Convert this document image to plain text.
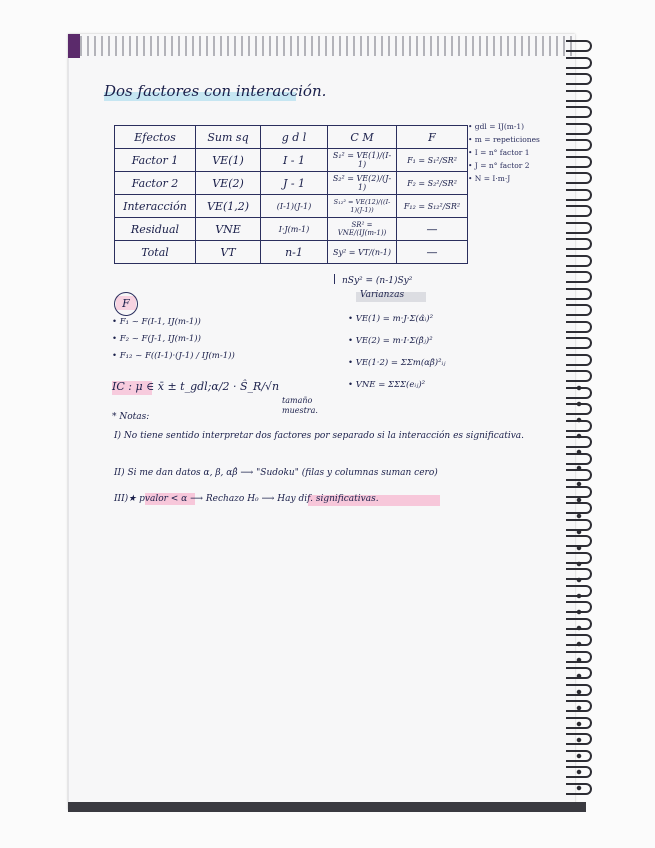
Dos factores con interacción.
Efectos	Sum sq	g d l	C M	F
Factor 1	VE(1)	I - 1	S₁² = VE(1)/(I-1)	F₁ = S₁²/SR²
Factor 2	VE(2)	J - 1	S₂² = VE(2)/(J-1)	F₂ = S₂²/SR²
Interacción	VE(1,2)	(I-1)(J-1)	S₁₂² = VE(12)/((I-1)(J-1))	F₁₂ = S₁₂²/SR²
Residual	VNE	I·J(m-1)	SR² = VNE/(IJ(m-1))	—
Total	VT	n-1	Sy² = VT/(n-1)	—
• gdl = IJ(m-1)
• m = repeticiones
• I = n° factor 1
• J = n° factor 2
• N = I·m·J
nSy² = (n-1)Sy²
F
• F₁ ~ F(I-1, IJ(m-1))
• F₂ ~ F(J-1, IJ(m-1))
• F₁₂ ~ F((I-1)·(J-1) / IJ(m-1))
Varianzas
• VE(1) = m·J·Σ(α̂ᵢ)²
• VE(2) = m·I·Σ(β̂ⱼ)²
• VE(1·2) = ΣΣm(αβ̂)²ᵢⱼ
• VNE = ΣΣΣ(eᵢⱼ)²
IC : μ ∈ x̄ ± t_gdl;α/2 · Ŝ_R/√n
tamaño
muestra.
* Notas:
I) No tiene sentido interpretar dos factores por separado si la interacción es significativa.
II) Si me dan datos α, β, αβ̂ ⟶ "Sudoku" (filas y columnas suman cero)
III)★ pvalor < α ⟶ Rechazo H₀ ⟶ Hay dif. significativas.
